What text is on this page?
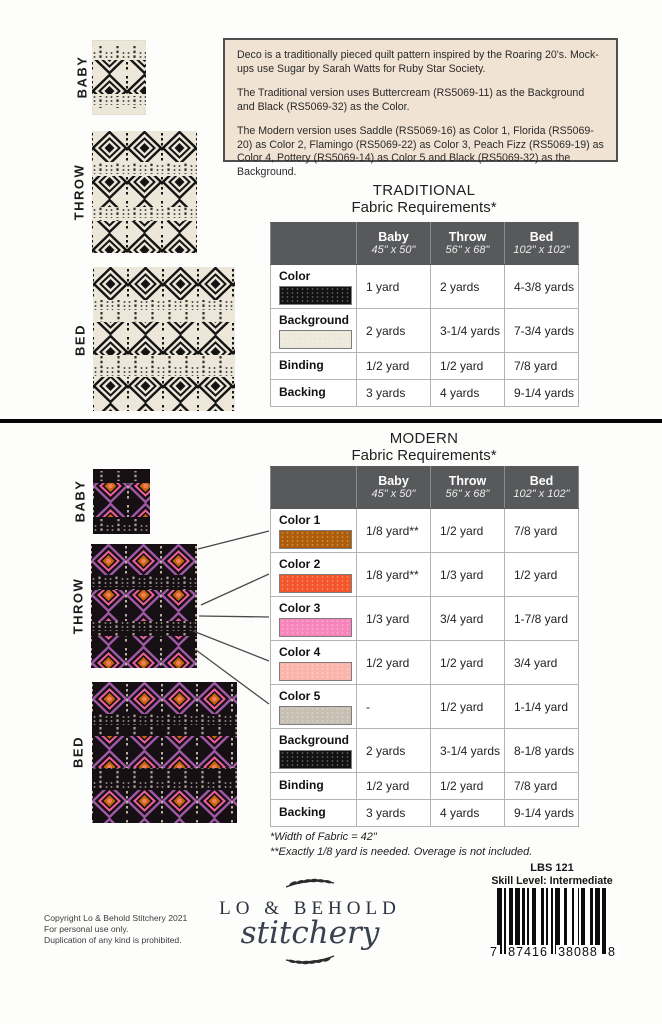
Deco is a traditionally pieced quilt pattern inspired by the Roaring 20's. Mock-ups use Sugar by Sarah Watts for Ruby Star Society.

The Traditional version uses Buttercream (RS5069-11) as the Background and Black (RS5069-32) as the Color.

The Modern version uses Saddle (RS5069-16) as Color 1, Florida (RS5069-20) as Color 2, Flamingo (RS5069-22) as Color 3, Peach Fizz (RS5069-19) as Color 4, Pottery (RS5069-14) as Color 5 and Black (RS5069-32) as the Background.

BABY
THROW
BED
TRADITIONAL
Fabric Requirements*

Baby
45" x 50"

Throw
56" x 68"

Bed
102" x 102"

Color	1 yard	2 yards	4-3/8 yards

Background	2 yards	3-1/4 yards	7-3/4 yards

Binding	1/2 yard	1/2 yard	7/8 yard

Backing	3 yards	4 yards	9-1/4 yards
MODERN
Fabric Requirements*

Baby
45" x 50"

Throw
56" x 68"

Bed
102" x 102"

Color 1	1/8 yard**	1/2 yard	7/8 yard

Color 2	1/8 yard**	1/3 yard	1/2 yard

Color 3	1/3 yard	3/4 yard	1-7/8 yard

Color 4	1/2 yard	1/2 yard	3/4 yard

Color 5	-	1/2 yard	1-1/4 yard

Background	2 yards	3-1/4 yards	8-1/8 yards

Binding	1/2 yard	1/2 yard	7/8 yard

Backing	3 yards	4 yards	9-1/4 yards
BABY
THROW
BED
*Width of Fabric = 42"
**Exactly 1/8 yard is needed. Overage is not included.
Copyright Lo & Behold Stitchery 2021
For personal use only.
Duplication of any kind is prohibited.
LO & BEHOLD
stitchery
LBS 121
Skill Level: Intermediate
7 87416 38088 8
